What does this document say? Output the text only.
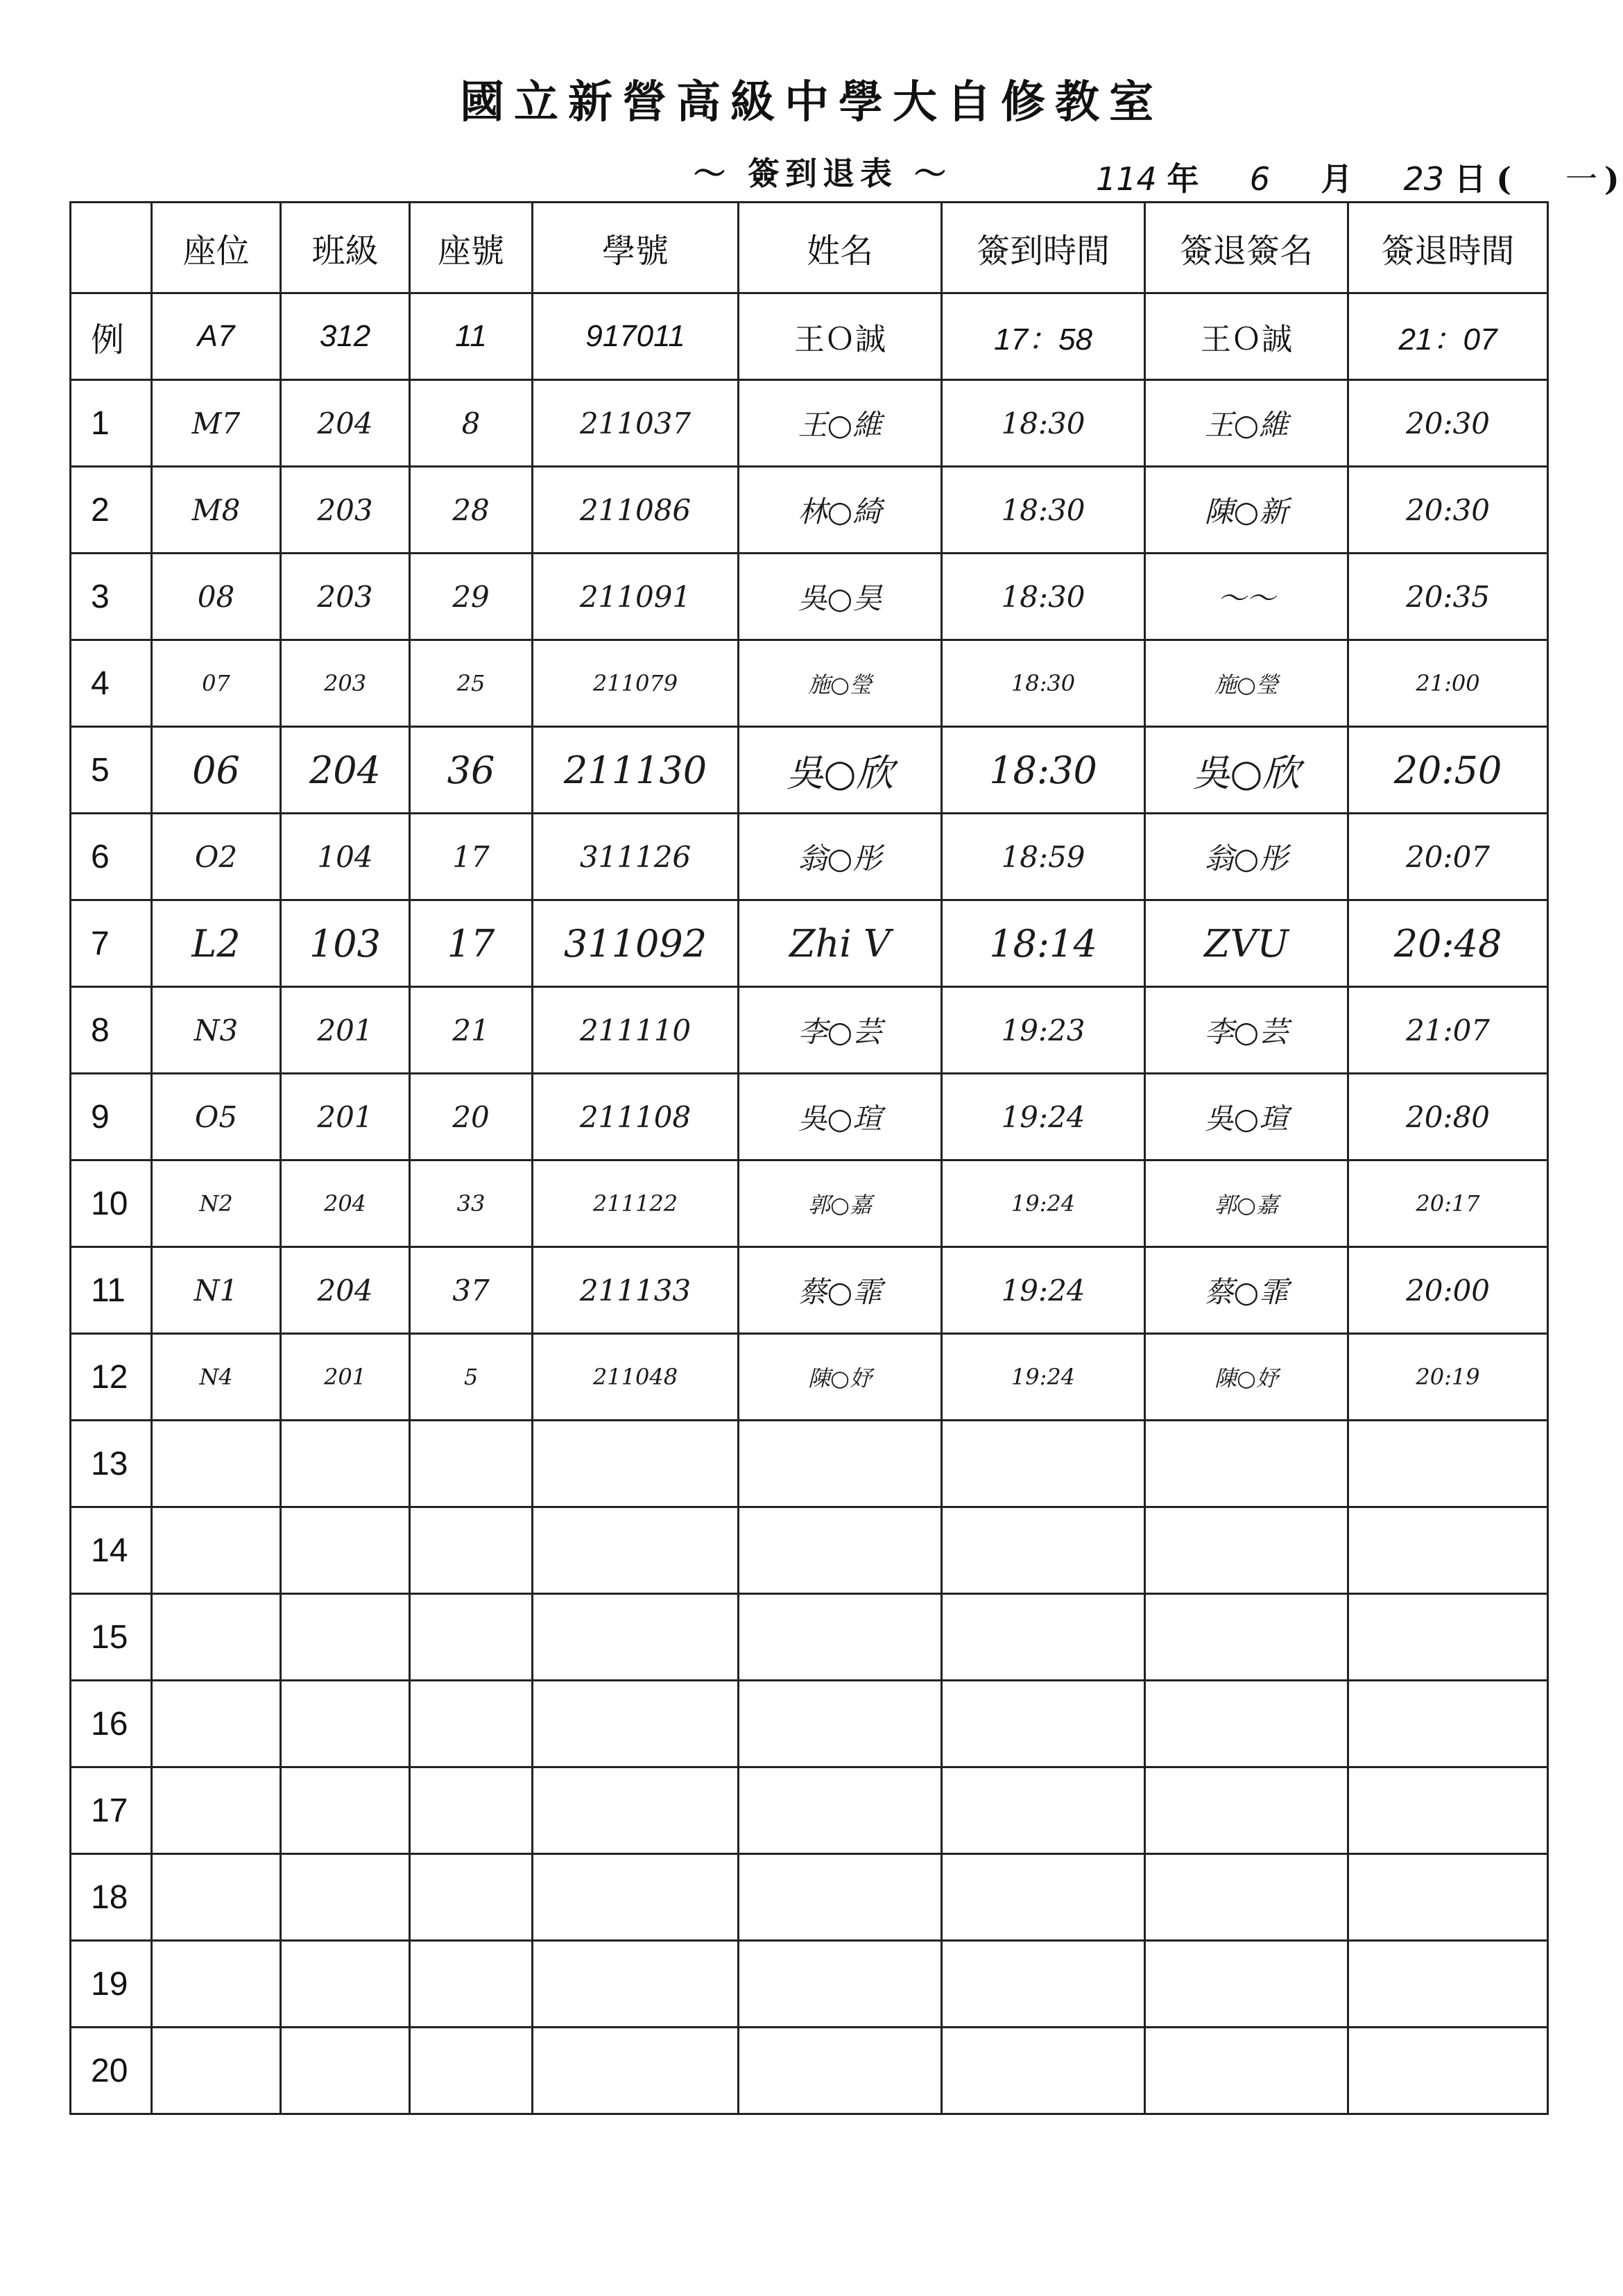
國立新營高級中學大自修教室
～ 簽到退表 ～	114 年 6 月 23 日 ( 一 )
	座位	班級	座號	學號	姓名	簽到時間	簽退簽名	簽退時間
例	A7	312	11	917011	王Ｏ誠	17：58	王Ｏ誠	21：07
1	M7	204	8	211037	王○維	18:30	王○維	20:30
2	M8	203	28	211086	林○綺	18:30	陳○新	20:30
3	08	203	29	211091	吳○昊	18:30	～～	20:35
4	07	203	25	211079	施○瑩	18:30	施○瑩	21:00
5	06	204	36	211130	吳○欣	18:30	吳○欣	20:50
6	O2	104	17	311126	翁○彤	18:59	翁○彤	20:07
7	L2	103	17	311092	Zhi V	18:14	ZVU	20:48
8	N3	201	21	211110	李○芸	19:23	李○芸	21:07
9	O5	201	20	211108	吳○瑄	19:24	吳○瑄	20:80
10	N2	204	33	211122	郭○嘉	19:24	郭○嘉	20:17
11	N1	204	37	211133	蔡○霏	19:24	蔡○霏	20:00
12	N4	201	5	211048	陳○妤	19:24	陳○妤	20:19
13								
14								
15								
16								
17								
18								
19								
20								
